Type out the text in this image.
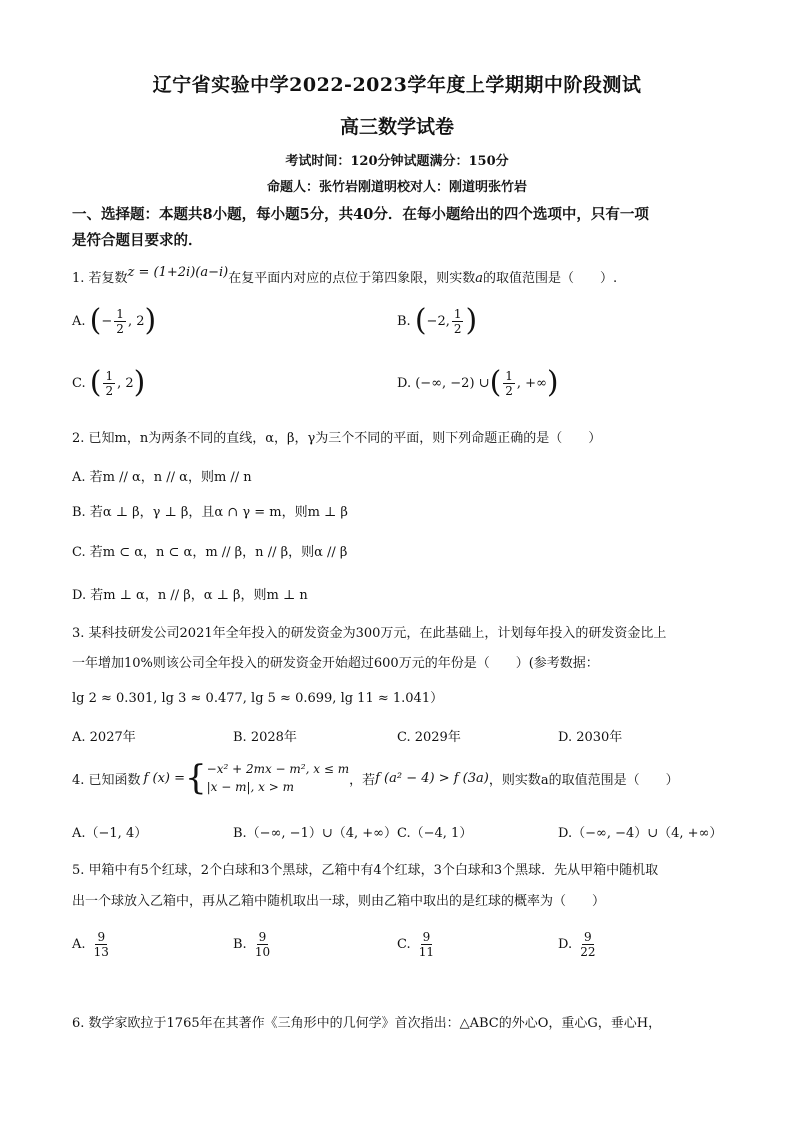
辽宁省实验中学2022-2023学年度上学期期中阶段测试
高三数学试卷
考试时间：120分钟试题满分：150分
命题人：张竹岩刚道明校对人：刚道明张竹岩
一、选择题：本题共8小题，每小题5分，共40分．在每小题给出的四个选项中，只有一项
是符合题目要求的．
1. 若复数z = (1+2i)(a−i)在复平面内对应的点位于第四象限，则实数a的取值范围是（　　）.
A.
( − $\frac{1}{2}$ , 2 )	B.
( −2, $\frac{1}{2}$ )
C.
( $\frac{1}{2}$ , 2 )	D.
(−∞, −2) ∪ ( $\frac{1}{2}$ , +∞ )
2. 已知m，n为两条不同的直线，α，β，γ为三个不同的平面，则下列命题正确的是（　　）
A. 若m // α，n // α，则m // n
B. 若α ⊥ β，γ ⊥ β，且α ∩ γ = m，则m ⊥ β
C. 若m ⊂ α，n ⊂ α，m // β，n // β，则α // β
D. 若m ⊥ α，n // β，α ⊥ β，则m ⊥ n
3. 某科技研发公司2021年全年投入的研发资金为300万元，在此基础上，计划每年投入的研发资金比上
一年增加10%则该公司全年投入的研发资金开始超过600万元的年份是（　　）(参考数据：
lg 2 ≈ 0.301, lg 3 ≈ 0.477, lg 5 ≈ 0.699, lg 11 ≈ 1.041）
A. 2027年	B. 2028年	C. 2029年	D. 2030年
4. 已知函数 f (x) = { −x² + 2mx − m², x ≤ m
|x − m|, x > m	，若 f (a² − 4) > f (3a) ，则实数a的取值范围是（　　）
A.（−1, 4）	B.（−∞, −1）∪（4, +∞） C.（−4, 1）	D.（−∞, −4）∪（4, +∞）
5. 甲箱中有5个红球，2个白球和3个黑球，乙箱中有4个红球，3个白球和3个黑球．先从甲箱中随机取
出一个球放入乙箱中，再从乙箱中随机取出一球，则由乙箱中取出的是红球的概率为（　　）
A.
$\frac{9}{13}$	B.
$\frac{9}{10}$	C.
$\frac{9}{11}$	D.
$\frac{9}{22}$
6. 数学家欧拉于1765年在其著作《三角形中的几何学》首次指出：△ABC的外心O，重心G，垂心H，
